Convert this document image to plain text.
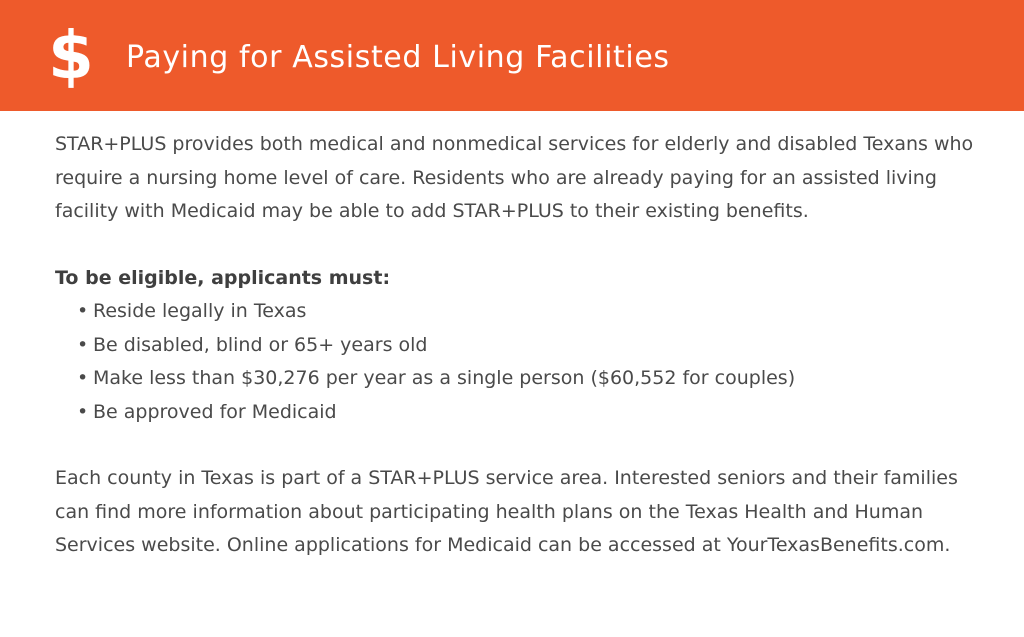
$ Paying for Assisted Living Facilities

STAR+PLUS provides both medical and nonmedical services for elderly and disabled Texans who require a nursing home level of care. Residents who are already paying for an assisted living facility with Medicaid may be able to add STAR+PLUS to their existing benefits.

To be eligible, applicants must:

• Reside legally in Texas
• Be disabled, blind or 65+ years old
• Make less than $30,276 per year as a single person ($60,552 for couples)
• Be approved for Medicaid

Each county in Texas is part of a STAR+PLUS service area. Interested seniors and their families can find more information about participating health plans on the Texas Health and Human Services website. Online applications for Medicaid can be accessed at YourTexasBenefits.com.
